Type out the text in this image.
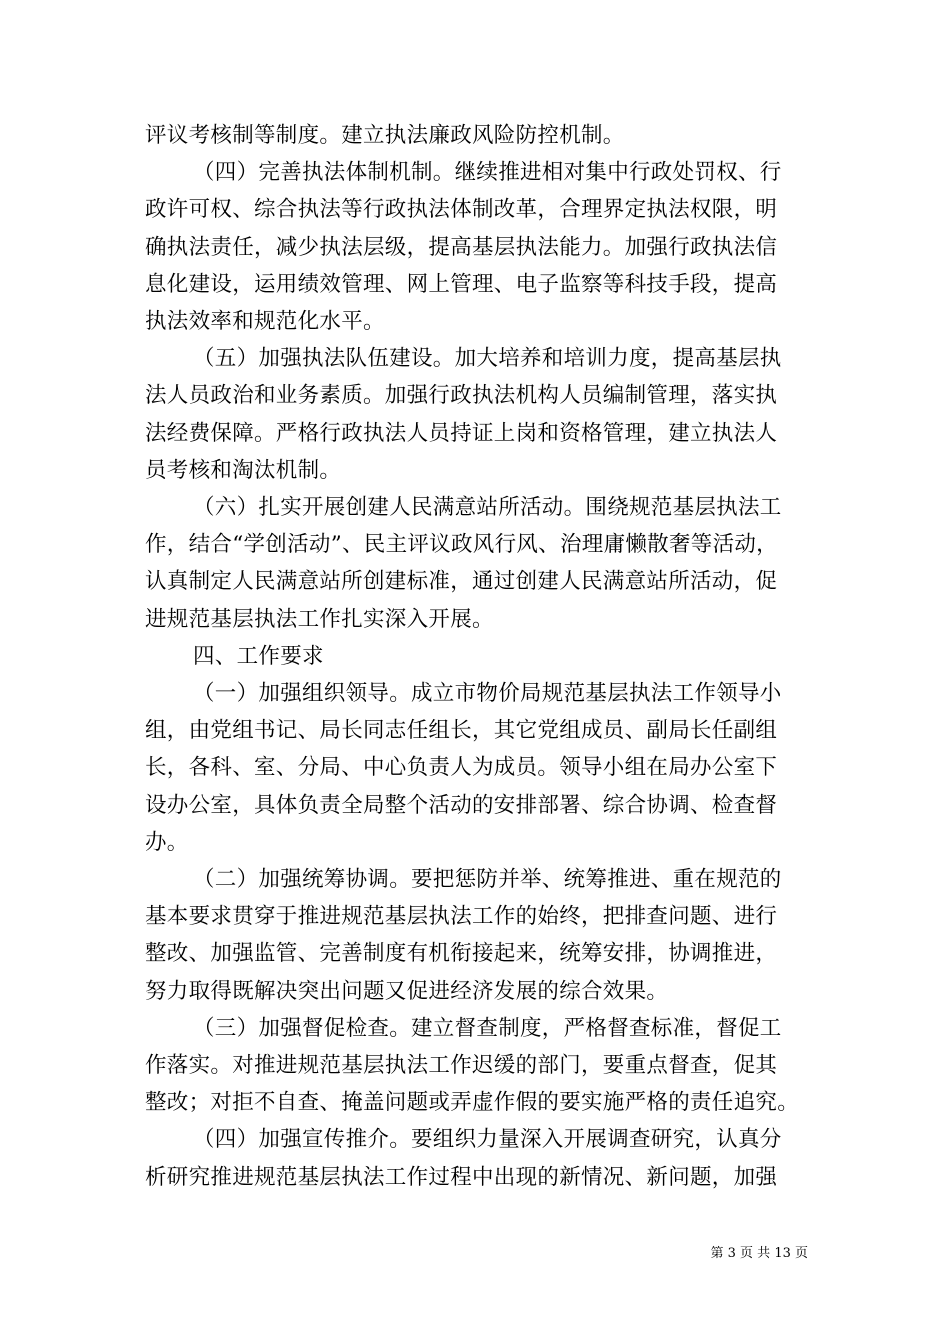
评议考核制等制度。建立执法廉政风险防控机制。

（四）完善执法体制机制。继续推进相对集中行政处罚权、行

政许可权、综合执法等行政执法体制改革，合理界定执法权限，明

确执法责任，减少执法层级，提高基层执法能力。加强行政执法信

息化建设，运用绩效管理、网上管理、电子监察等科技手段，提高

执法效率和规范化水平。

（五）加强执法队伍建设。加大培养和培训力度，提高基层执

法人员政治和业务素质。加强行政执法机构人员编制管理，落实执

法经费保障。严格行政执法人员持证上岗和资格管理，建立执法人

员考核和淘汰机制。

（六）扎实开展创建人民满意站所活动。围绕规范基层执法工

作，结合“学创活动”、民主评议政风行风、治理庸懒散奢等活动，

认真制定人民满意站所创建标准，通过创建人民满意站所活动，促

进规范基层执法工作扎实深入开展。

四、工作要求

（一）加强组织领导。成立市物价局规范基层执法工作领导小

组，由党组书记、局长同志任组长，其它党组成员、副局长任副组

长，各科、室、分局、中心负责人为成员。领导小组在局办公室下

设办公室，具体负责全局整个活动的安排部署、综合协调、检查督

办。

（二）加强统筹协调。要把惩防并举、统筹推进、重在规范的

基本要求贯穿于推进规范基层执法工作的始终，把排查问题、进行

整改、加强监管、完善制度有机衔接起来，统筹安排，协调推进，

努力取得既解决突出问题又促进经济发展的综合效果。

（三）加强督促检查。建立督查制度，严格督查标准，督促工

作落实。对推进规范基层执法工作迟缓的部门，要重点督查，促其

整改；对拒不自查、掩盖问题或弄虚作假的要实施严格的责任追究。

（四）加强宣传推介。要组织力量深入开展调查研究，认真分

析研究推进规范基层执法工作过程中出现的新情况、新问题，加强

第 3 页 共 13 页
